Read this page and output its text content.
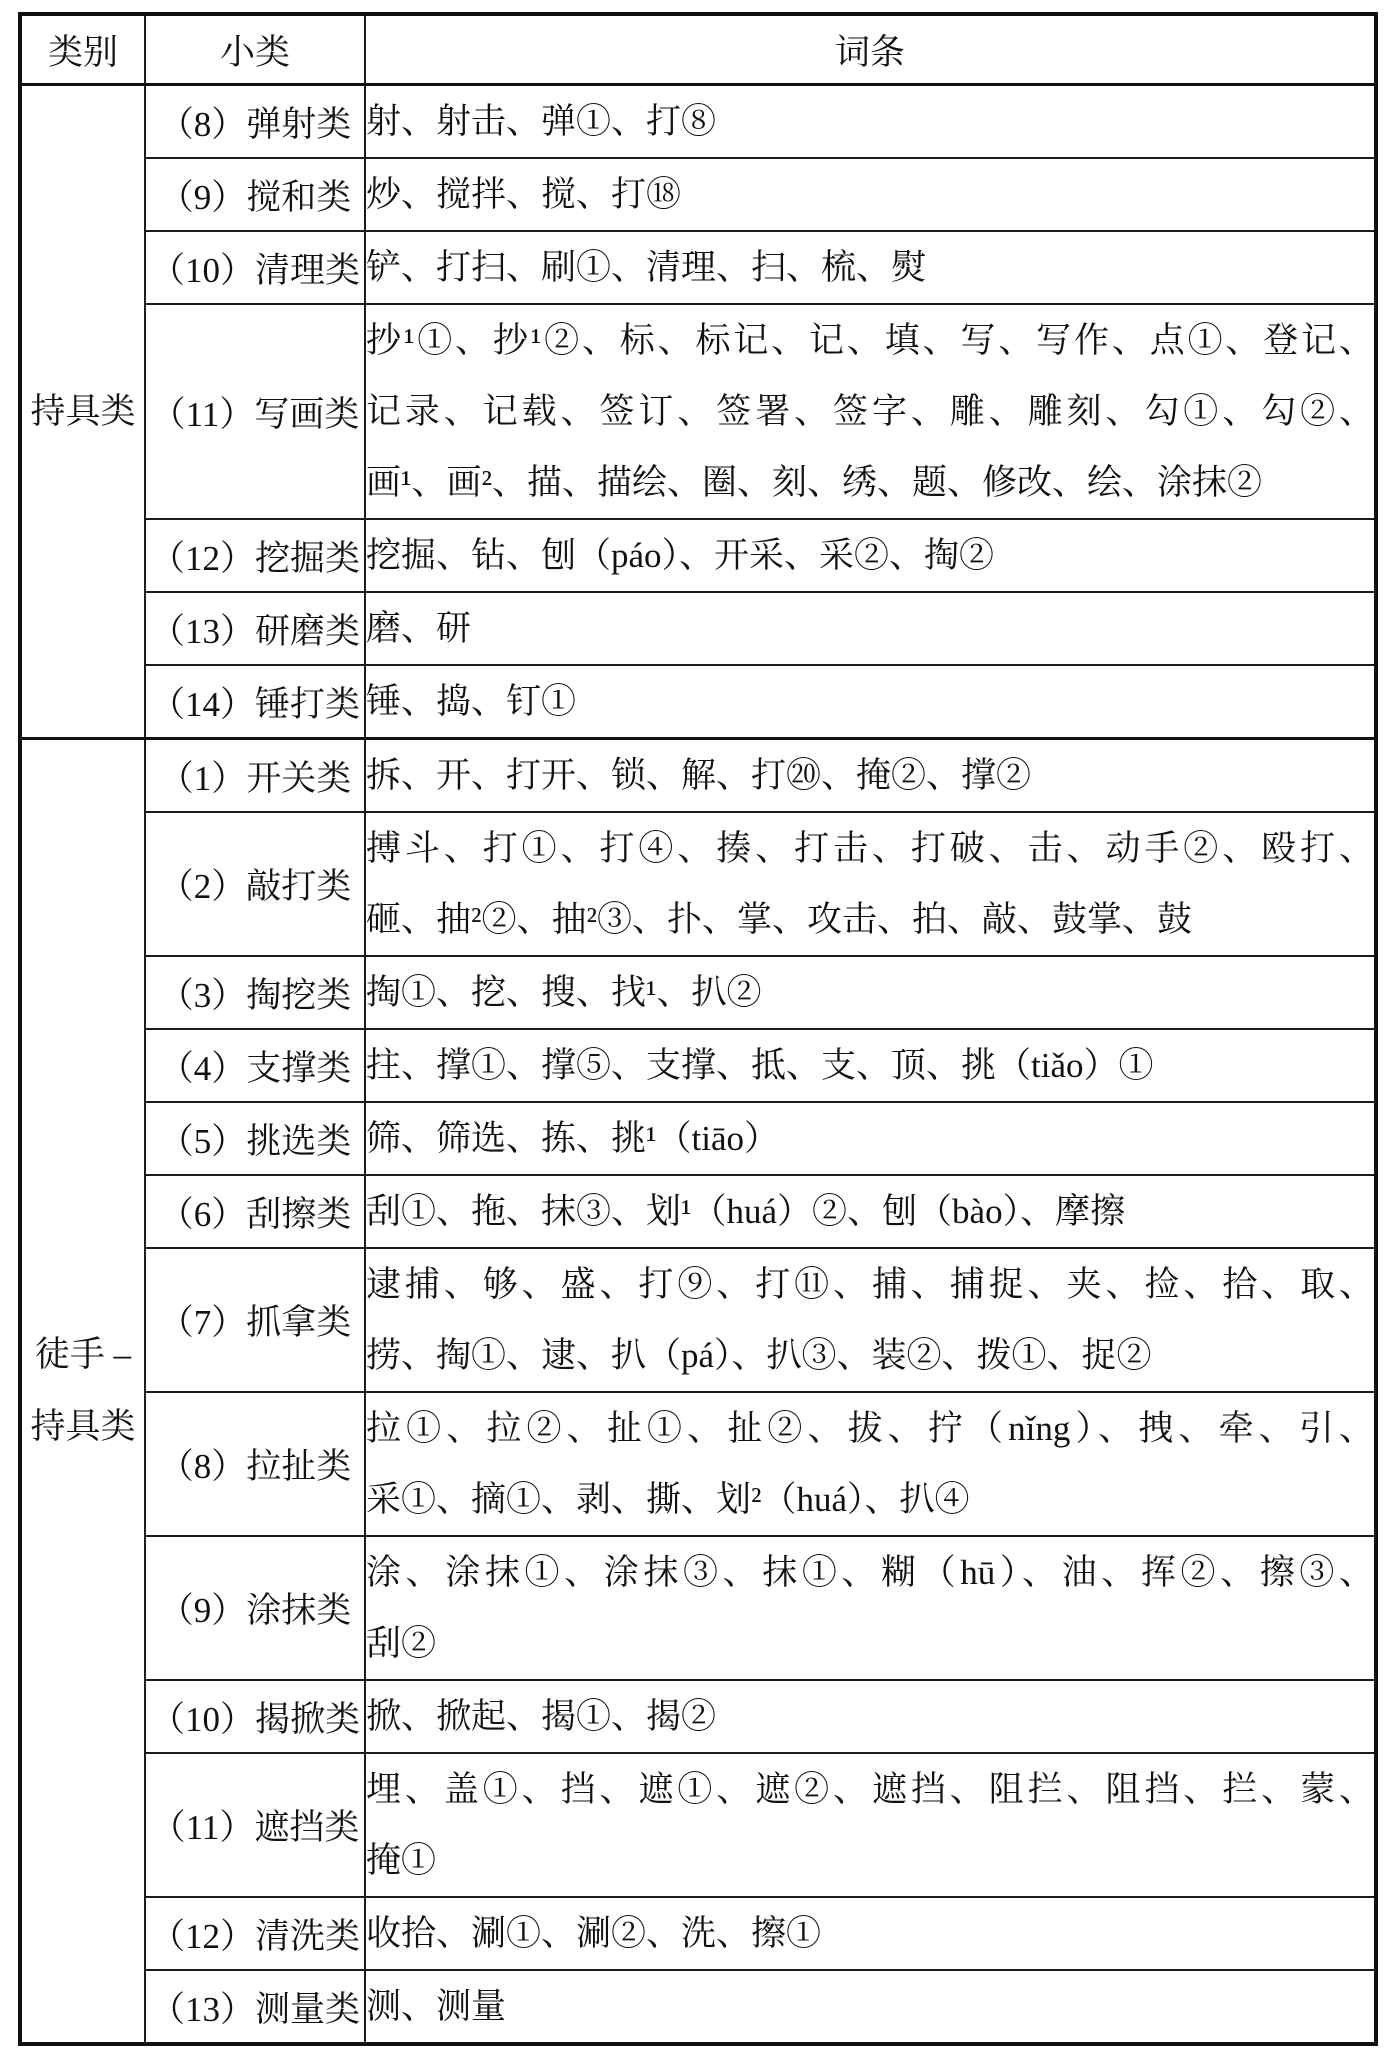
类别	小类	词条

持具类	（8）弹射类	射、射击、弹①、打⑧

	（9）搅和类	炒、搅拌、搅、打⑱

	（10）清理类	铲、打扫、刷①、清理、扫、梳、熨

	（11）写画类	抄¹①、抄¹②、标、标记、记、填、写、写作、点①、登记、
记录、记载、签订、签署、签字、雕、雕刻、勾①、勾②、
画¹、画²、描、描绘、圈、刻、绣、题、修改、绘、涂抹②

	（12）挖掘类	挖掘、钻、刨（páo）、开采、采②、掏②

	（13）研磨类	磨、研

	（14）锤打类	锤、捣、钉①

徒手 –
持具类	（1）开关类	拆、开、打开、锁、解、打⑳、掩②、撑②

	（2）敲打类	搏斗、打①、打④、揍、打击、打破、击、动手②、殴打、
砸、抽²②、抽²③、扑、掌、攻击、拍、敲、鼓掌、鼓

	（3）掏挖类	掏①、挖、搜、找¹、扒②

	（4）支撑类	拄、撑①、撑⑤、支撑、抵、支、顶、挑（tiǎo）①

	（5）挑选类	筛、筛选、拣、挑¹（tiāo）

	（6）刮擦类	刮①、拖、抹③、划¹（huá）②、刨（bào）、摩擦

	（7）抓拿类	逮捕、够、盛、打⑨、打⑪、捕、捕捉、夹、捡、拾、取、
捞、掏①、逮、扒（pá）、扒③、装②、拨①、捉②

	（8）拉扯类	拉①、拉②、扯①、扯②、拔、拧（nǐng）、拽、牵、引、
采①、摘①、剥、撕、划²（huá）、扒④

	（9）涂抹类	涂、涂抹①、涂抹③、抹①、糊（hū）、油、挥②、擦③、
刮②

	（10）揭掀类	掀、掀起、揭①、揭②

	（11）遮挡类	埋、盖①、挡、遮①、遮②、遮挡、阻拦、阻挡、拦、蒙、
掩①

	（12）清洗类	收拾、涮①、涮②、洗、擦①

	（13）测量类	测、测量
